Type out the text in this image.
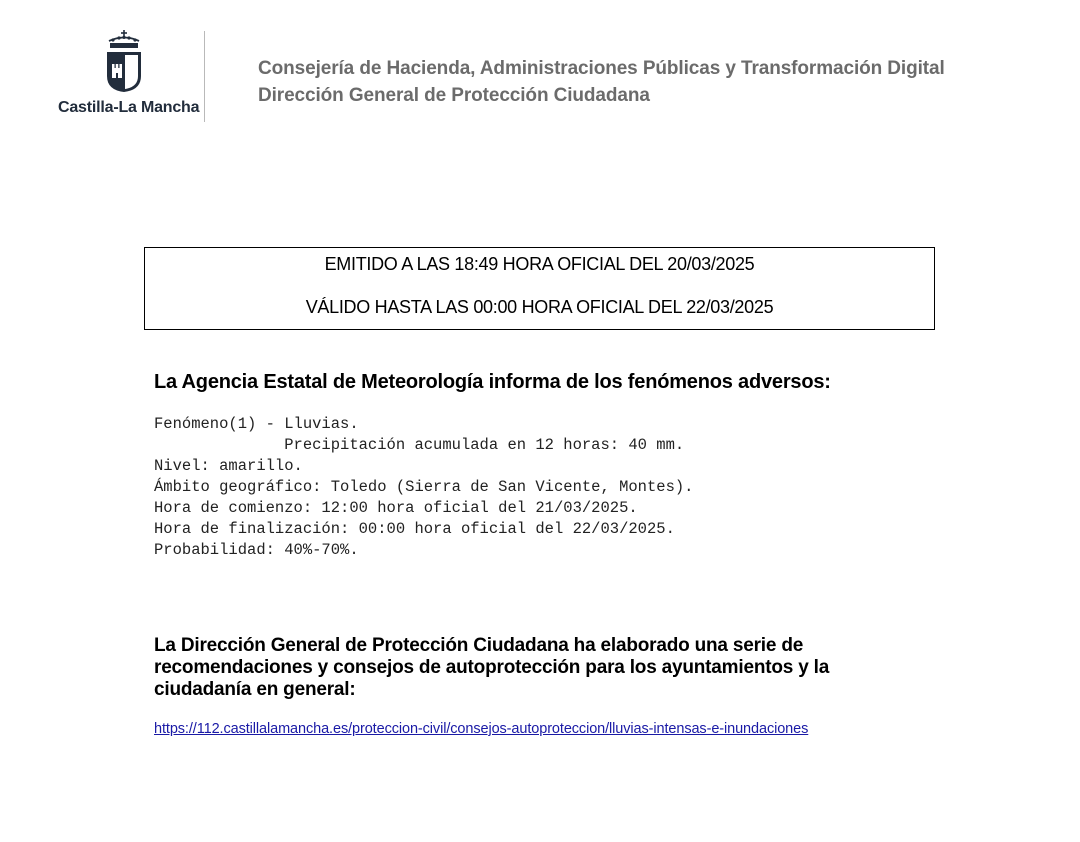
Castilla-La Mancha
Consejería de Hacienda, Administraciones Públicas y Transformación Digital
Dirección General de Protección Ciudadana
EMITIDO A LAS 18:49 HORA OFICIAL DEL 20/03/2025
VÁLIDO HASTA LAS 00:00 HORA OFICIAL DEL 22/03/2025
La Agencia Estatal de Meteorología informa de los fenómenos adversos:
Fenómeno(1) - Lluvias.
Precipitación acumulada en 12 horas: 40 mm.
Nivel: amarillo.
Ámbito geográfico: Toledo (Sierra de San Vicente, Montes).
Hora de comienzo: 12:00 hora oficial del 21/03/2025.
Hora de finalización: 00:00 hora oficial del 22/03/2025.
Probabilidad: 40%-70%.
La Dirección General de Protección Ciudadana ha elaborado una serie de recomendaciones y consejos de autoprotección para los ayuntamientos y la ciudadanía en general:
https://112.castillalamancha.es/proteccion-civil/consejos-autoproteccion/lluvias-intensas-e-inundaciones
